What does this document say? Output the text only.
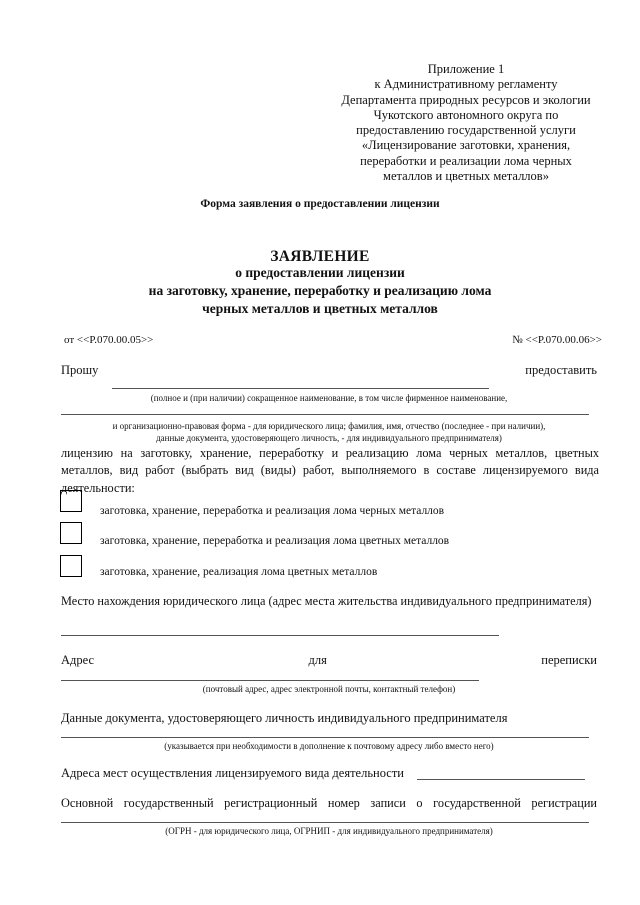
Приложение 1
к Административному регламенту
Департамента природных ресурсов и экологии
Чукотского автономного округа по
предоставлению государственной услуги
«Лицензирование заготовки, хранения,
переработки и реализации лома черных
металлов и цветных металлов»
Форма заявления о предоставлении лицензии
ЗАЯВЛЕНИЕ
о предоставлении лицензии
на заготовку, хранение, переработку и реализацию лома
черных металлов и цветных металлов
от <<P.070.00.05>>	№ <<P.070.00.06>>
Прошу	предоставить
(полное и (при наличии) сокращенное наименование, в том числе фирменное наименование,
и организационно-правовая форма - для юридического лица; фамилия, имя, отчество (последнее - при наличии),
данные документа, удостоверяющего личность, - для индивидуального предпринимателя)
лицензию на заготовку, хранение, переработку и реализацию лома черных металлов, цветных металлов, вид работ (выбрать вид (виды) работ, выполняемого в составе лицензируемого вида деятельности:
заготовка, хранение, переработка и реализация лома черных металлов
заготовка, хранение, переработка и реализация лома цветных металлов
заготовка, хранение, реализация лома цветных металлов
Место нахождения юридического лица (адрес места жительства индивидуального предпринимателя)
Адрес	для	переписки
(почтовый адрес, адрес электронной почты, контактный телефон)
Данные документа, удостоверяющего личность индивидуального предпринимателя
(указывается при необходимости в дополнение к почтовому адресу либо вместо него)
Адреса мест осуществления лицензируемого вида деятельности
Основной государственный регистрационный номер записи о государственной регистрации
(ОГРН - для юридического лица, ОГРНИП - для индивидуального предпринимателя)
